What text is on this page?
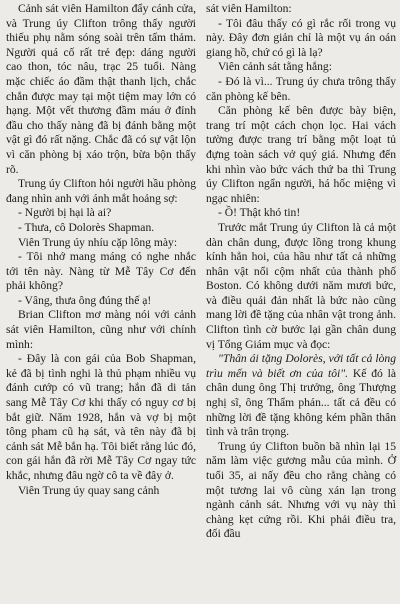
Cảnh sát viên Hamilton đẩy cánh cửa, và Trung úy Clifton trông thấy người thiếu phụ nằm sóng soài trên tấm thảm. Người quá cố rất trẻ đẹp: dáng người cao thon, tóc nâu, trạc 25 tuổi. Nàng mặc chiếc áo đầm thật thanh lịch, chắc chắn được may tại một tiệm may lớn có hạng. Một vết thương đầm máu ở đỉnh đầu cho thấy nàng đã bị đánh bằng một vật gì đó rất nặng. Chắc đã có sự vật lộn vì căn phòng bị xáo trộn, bừa bộn thấy rõ.

Trung úy Clifton hỏi người hầu phòng đang nhìn anh với ánh mắt hoảng sợ:

- Người bị hại là ai?

- Thưa, cô Dolorès Shapman.

Viên Trung úy nhíu cặp lông mày:

- Tôi nhớ mang máng có nghe nhắc tới tên này. Nàng từ Mễ Tây Cơ đến phải không?

- Vâng, thưa ông đúng thế ạ!

Brian Clifton mơ màng nói với cảnh sát viên Hamilton, cũng như với chính mình:

- Đây là con gái của Bob Shapman, kẻ đã bị tình nghi là thủ phạm nhiều vụ đánh cướp có vũ trang; hắn đã di tản sang Mễ Tây Cơ khi thấy có nguy cơ bị bắt giữ. Năm 1928, hắn và vợ bị một tông pham cũ hạ sát, và tên này đã bị cảnh sát Mễ bắn hạ. Tôi biết rằng lúc đó, con gái hắn đã rời Mễ Tây Cơ ngay tức khắc, nhưng đâu ngờ cô ta về đây ở.

Viên Trung úy quay sang cảnh

sát viên Hamilton:

- Tôi đâu thấy có gì rắc rối trong vụ này. Đây đơn giản chỉ là một vụ án oán giang hồ, chứ có gì là lạ?

Viên cảnh sát tằng hắng:

- Đó là vì... Trung úy chưa trông thấy căn phòng kế bên.

Căn phòng kế bên được bày biện, trang trí một cách chọn lọc. Hai vách tường được trang trí bằng một loạt tủ đựng toàn sách vở quý giá. Nhưng đến khi nhìn vào bức vách thứ ba thì Trung úy Clifton ngẩn người, há hốc miệng vì ngạc nhiên:

- Ồ! Thật khó tin!

Trước mắt Trung úy Clifton là cả một dàn chân dung, được lồng trong khung kính hẳn hoi, của hầu như tất cả những nhân vật nổi cộm nhất của thành phố Boston. Có không dưới năm mươi bức, và điều quái đản nhất là bức nào cũng mang lời đề tặng của nhân vật trong ảnh. Clifton tình cờ bước lại gần chân dung vị Tổng Giám mục và đọc:

"Thân ái tặng Dolorès, với tất cả lòng trìu mến và biết ơn của tôi". Kế đó là chân dung ông Thị trưởng, ông Thượng nghị sĩ, ông Thẩm phán... tất cả đều có những lời đề tặng không kém phần thân tình và trân trọng.

Trung úy Clifton buồn bã nhìn lại 15 năm làm việc gương mẫu của mình. Ở tuổi 35, ai nấy đều cho rằng chàng có một tương lai vô cùng xán lạn trong ngành cảnh sát. Nhưng với vụ này thì chàng kẹt cứng rồi. Khi phải điều tra, đối đầu
